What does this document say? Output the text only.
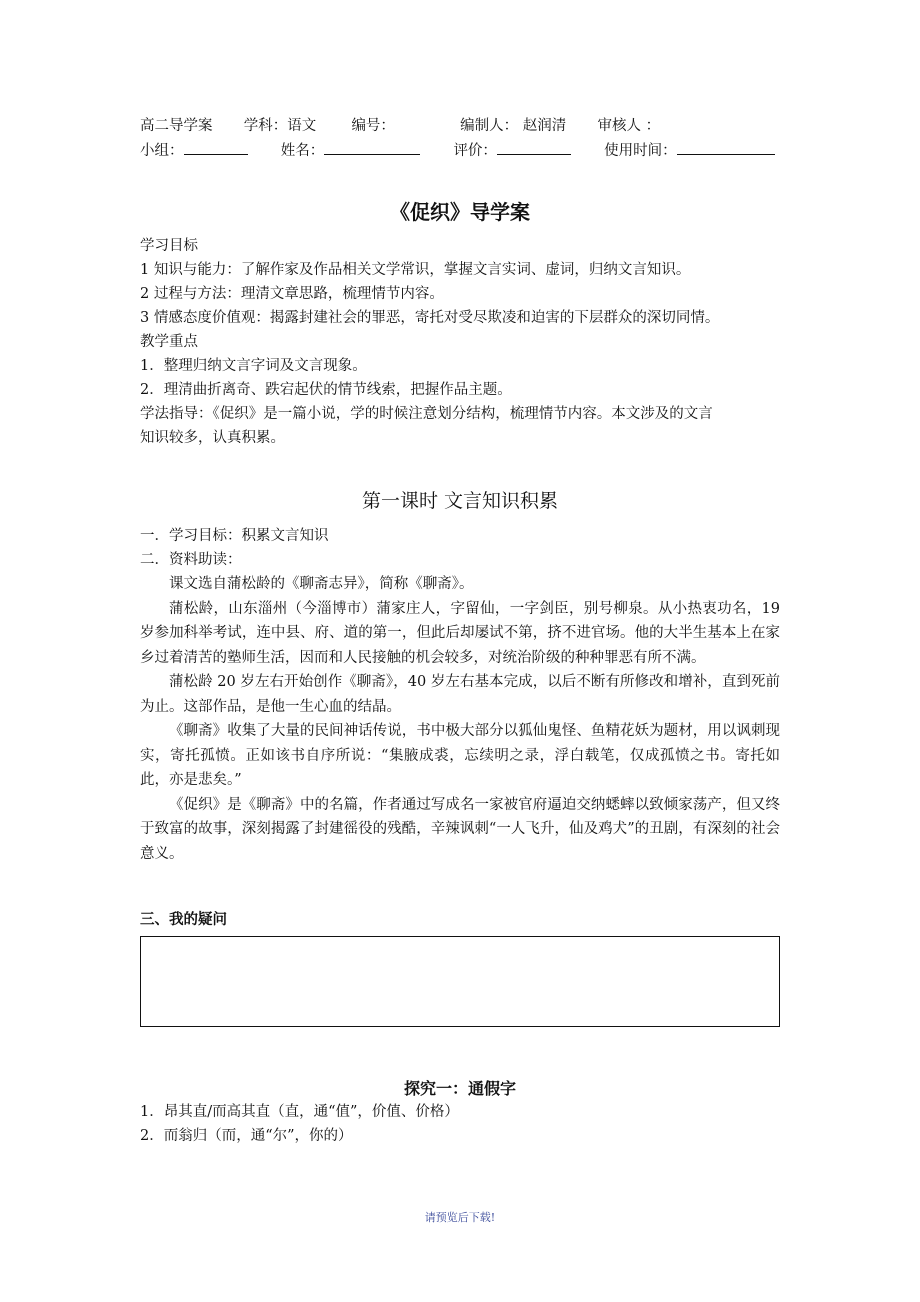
高二导学案 学科：语文 编号：	编制人： 赵润清 审核人 ：
小组：	姓名：	评价：	使用时间：
《促织》导学案
学习目标
1 知识与能力：了解作家及作品相关文学常识，掌握文言实词、虚词，归纳文言知识。
2 过程与方法：理清文章思路，梳理情节内容。
3 情感态度价值观：揭露封建社会的罪恶，寄托对受尽欺凌和迫害的下层群众的深切同情。
教学重点
1．整理归纳文言字词及文言现象。
2．理清曲折离奇、跌宕起伏的情节线索，把握作品主题。
学法指导：《促织》是一篇小说，学的时候注意划分结构，梳理情节内容。本文涉及的文言
知识较多，认真积累。
第一课时 文言知识积累
一．学习目标：积累文言知识
二．资料助读：

课文选自蒲松龄的《聊斋志异》，简称《聊斋》。

蒲松龄，山东淄州（今淄博市）蒲家庄人，字留仙，一字剑臣，别号柳泉。从小热衷功名，19 岁参加科举考试，连中县、府、道的第一，但此后却屡试不第，挤不进官场。他的大半生基本上在家乡过着清苦的塾师生活，因而和人民接触的机会较多，对统治阶级的种种罪恶有所不满。

蒲松龄 20 岁左右开始创作《聊斋》，40 岁左右基本完成，以后不断有所修改和增补，直到死前为止。这部作品，是他一生心血的结晶。

《聊斋》收集了大量的民间神话传说，书中极大部分以狐仙鬼怪、鱼精花妖为题材，用以讽刺现实，寄托孤愤。正如该书自序所说：“集腋成裘，忘续明之录，浮白载笔，仅成孤愤之书。寄托如此，亦是悲矣。”

《促织》是《聊斋》中的名篇，作者通过写成名一家被官府逼迫交纳蟋蟀以致倾家荡产，但又终于致富的故事，深刻揭露了封建徭役的残酷，辛辣讽刺“一人飞升，仙及鸡犬”的丑剧，有深刻的社会意义。

三、我的疑问
探究一：通假字
1．昂其直/而高其直（直，通“值”，价值、价格）
2．而翁归（而，通“尔”，你的）
请预览后下载!
